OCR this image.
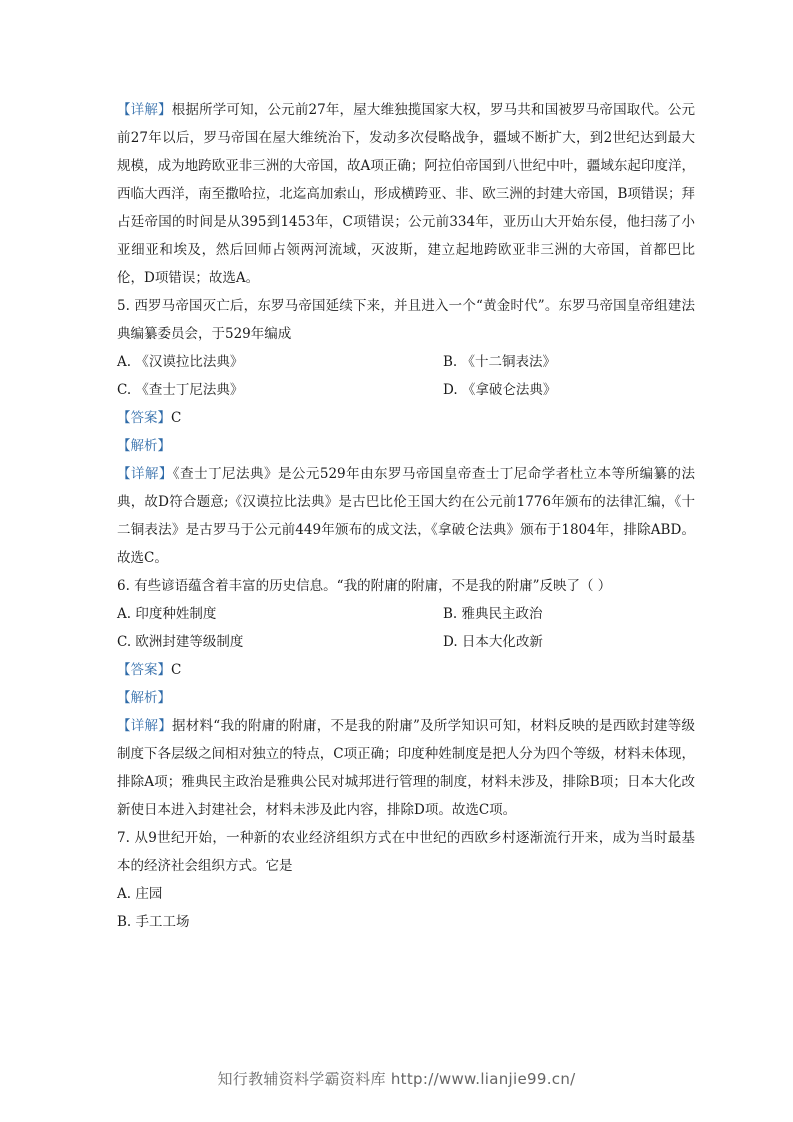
【详解】根据所学可知，公元前27年，屋大维独揽国家大权，罗马共和国被罗马帝国取代。公元前27年以后，罗马帝国在屋大维统治下，发动多次侵略战争，疆域不断扩大，到2世纪达到最大规模，成为地跨欧亚非三洲的大帝国，故A项正确；阿拉伯帝国到八世纪中叶，疆域东起印度洋，西临大西洋，南至撒哈拉，北迄高加索山，形成横跨亚、非、欧三洲的封建大帝国，B项错误；拜占廷帝国的时间是从395到1453年，C项错误；公元前334年，亚历山大开始东侵，他扫荡了小亚细亚和埃及，然后回师占领两河流域，灭波斯，建立起地跨欧亚非三洲的大帝国，首都巴比伦，D项错误；故选A。

5. 西罗马帝国灭亡后，东罗马帝国延续下来，并且进入一个“黄金时代”。东罗马帝国皇帝组建法典编纂委员会，于529年编成

A. 《汉谟拉比法典》	B. 《十二铜表法》
C. 《查士丁尼法典》	D. 《拿破仑法典》

【答案】C

【解析】

【详解】《查士丁尼法典》是公元529年由东罗马帝国皇帝查士丁尼命学者杜立本等所编纂的法典，故D符合题意;《汉谟拉比法典》是古巴比伦王国大约在公元前1776年颁布的法律汇编，《十二铜表法》是古罗马于公元前449年颁布的成文法，《拿破仑法典》颁布于1804年，排除ABD。故选C。

6. 有些谚语蕴含着丰富的历史信息。“我的附庸的附庸，不是我的附庸”反映了（ ）

A. 印度种姓制度	B. 雅典民主政治
C. 欧洲封建等级制度	D. 日本大化改新

【答案】C

【解析】

【详解】据材料“我的附庸的附庸，不是我的附庸”及所学知识可知，材料反映的是西欧封建等级制度下各层级之间相对独立的特点，C项正确；印度种姓制度是把人分为四个等级，材料未体现，排除A项；雅典民主政治是雅典公民对城邦进行管理的制度，材料未涉及，排除B项；日本大化改新使日本进入封建社会，材料未涉及此内容，排除D项。故选C项。

7. 从9世纪开始，一种新的农业经济组织方式在中世纪的西欧乡村逐渐流行开来，成为当时最基本的经济社会组织方式。它是

A. 庄园

B. 手工工场

知行教辅资料学霸资料库 http://www.lianjie99.cn/
